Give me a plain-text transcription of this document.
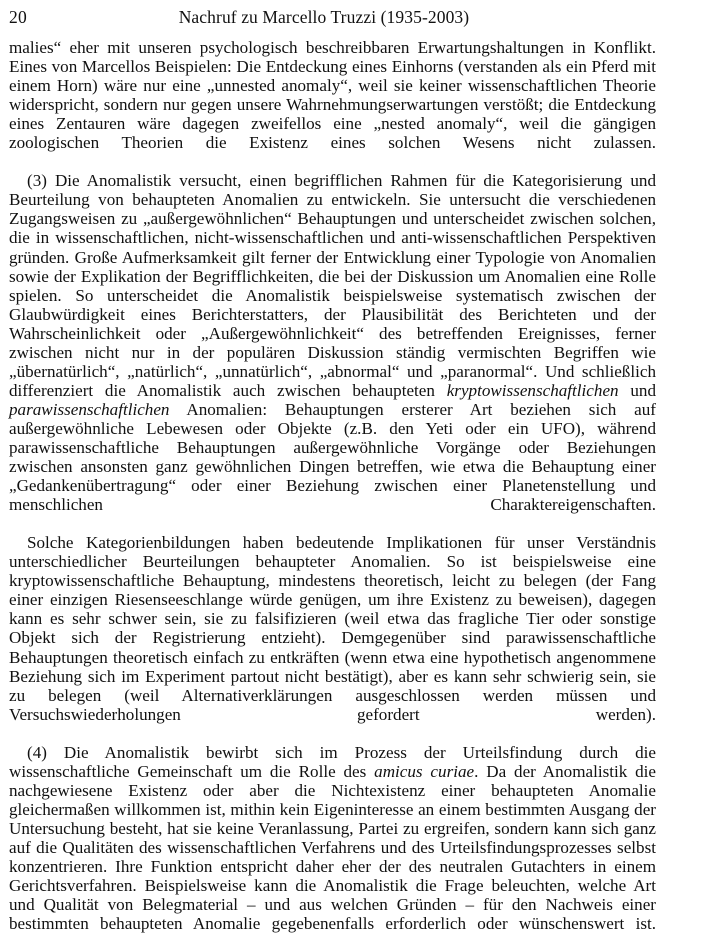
20	Nachruf zu Marcello Truzzi (1935-2003)

malies“ eher mit unseren psychologisch beschreibbaren Erwartungshaltungen in Konflikt. Eines von Marcellos Beispielen: Die Entdeckung eines Einhorns (verstanden als ein Pferd mit einem Horn) wäre nur eine „unnested anomaly“, weil sie keiner wissenschaftlichen Theorie widerspricht, sondern nur gegen unsere Wahrnehmungserwartungen verstößt; die Entdeckung eines Zentauren wäre dagegen zweifellos eine „nested anomaly“, weil die gängigen zoologischen Theorien die Existenz eines solchen Wesens nicht zulassen.

(3) Die Anomalistik versucht, einen begrifflichen Rahmen für die Kategorisierung und Beurteilung von behaupteten Anomalien zu entwickeln. Sie untersucht die verschiedenen Zugangsweisen zu „außergewöhnlichen“ Behauptungen und unterscheidet zwischen solchen, die in wissenschaftlichen, nicht-wissenschaftlichen und anti-wissenschaftlichen Perspektiven gründen. Große Aufmerksamkeit gilt ferner der Entwicklung einer Typologie von Anomalien sowie der Explikation der Begrifflichkeiten, die bei der Diskussion um Anomalien eine Rolle spielen. So unterscheidet die Anomalistik beispielsweise systematisch zwischen der Glaubwürdigkeit eines Berichterstatters, der Plausibilität des Berichteten und der Wahrscheinlichkeit oder „Außergewöhnlichkeit“ des betreffenden Ereignisses, ferner zwischen nicht nur in der populären Diskussion ständig vermischten Begriffen wie „übernatürlich“, „natürlich“, „unnatürlich“, „abnormal“ und „paranormal“. Und schließlich differenziert die Anomalistik auch zwischen behaupteten kryptowissenschaftlichen und parawissenschaftlichen Anomalien: Behauptungen ersterer Art beziehen sich auf außergewöhnliche Lebewesen oder Objekte (z.B. den Yeti oder ein UFO), während parawissenschaftliche Behauptungen außergewöhnliche Vorgänge oder Beziehungen zwischen ansonsten ganz gewöhnlichen Dingen betreffen, wie etwa die Behauptung einer „Gedankenübertragung“ oder einer Beziehung zwischen einer Planetenstellung und menschlichen Charaktereigenschaften.

Solche Kategorienbildungen haben bedeutende Implikationen für unser Verständnis unterschiedlicher Beurteilungen behaupteter Anomalien. So ist beispielsweise eine kryptowissenschaftliche Behauptung, mindestens theoretisch, leicht zu belegen (der Fang einer einzigen Riesenseeschlange würde genügen, um ihre Existenz zu beweisen), dagegen kann es sehr schwer sein, sie zu falsifizieren (weil etwa das fragliche Tier oder sonstige Objekt sich der Registrierung entzieht). Demgegenüber sind parawissenschaftliche Behauptungen theoretisch einfach zu entkräften (wenn etwa eine hypothetisch angenommene Beziehung sich im Experiment partout nicht bestätigt), aber es kann sehr schwierig sein, sie zu belegen (weil Alternativerklärungen ausgeschlossen werden müssen und Versuchswiederholungen gefordert werden).

(4) Die Anomalistik bewirbt sich im Prozess der Urteilsfindung durch die wissenschaftliche Gemeinschaft um die Rolle des amicus curiae. Da der Anomalistik die nachgewiesene Existenz oder aber die Nichtexistenz einer behaupteten Anomalie gleichermaßen willkommen ist, mithin kein Eigeninteresse an einem bestimmten Ausgang der Untersuchung besteht, hat sie keine Veranlassung, Partei zu ergreifen, sondern kann sich ganz auf die Qualitäten des wissenschaftlichen Verfahrens und des Urteilsfindungsprozesses selbst konzentrieren. Ihre Funktion entspricht daher eher der des neutralen Gutachters in einem Gerichtsverfahren. Beispielsweise kann die Anomalistik die Frage beleuchten, welche Art und Qualität von Belegmaterial – und aus welchen Gründen – für den Nachweis einer bestimmten behaupteten Anomalie gegebenenfalls erforderlich oder wünschenswert ist.
